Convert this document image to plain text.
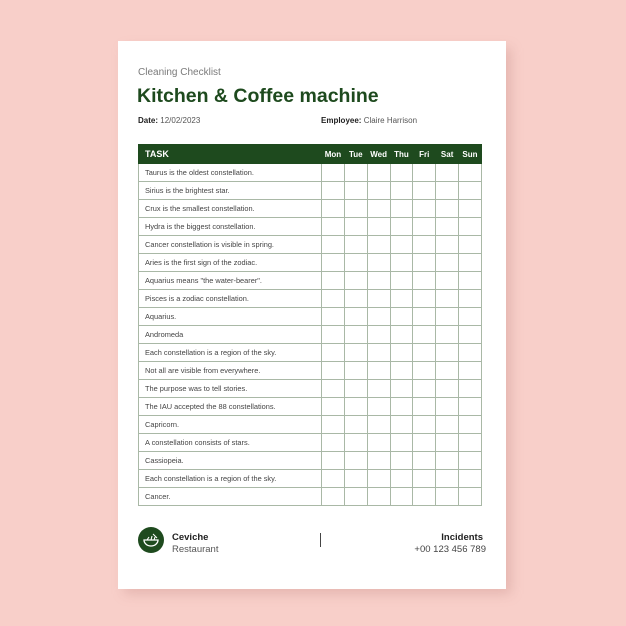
Cleaning Checklist
Kitchen & Coffee machine
Date: 12/02/2023	Employee: Claire Harrison
TASK	Mon	Tue	Wed	Thu	Fri	Sat	Sun
Taurus is the oldest constellation.							
Sirius is the brightest star.							
Crux is the smallest constellation.							
Hydra is the biggest constellation.							
Cancer constellation is visible in spring.							
Aries is the first sign of the zodiac.							
Aquarius means "the water-bearer".							
Pisces is a zodiac constellation.							
Aquarius.							
Andromeda							
Each constellation is a region of the sky.							
Not all are visible from everywhere.							
The purpose was to tell stories.							
The IAU accepted the 88 constellations.							
Capricorn.							
A constellation consists of stars.							
Cassiopeia.							
Each constellation is a region of the sky.							
Cancer.							
Ceviche
Restaurant
Incidents
+00 123 456 789
